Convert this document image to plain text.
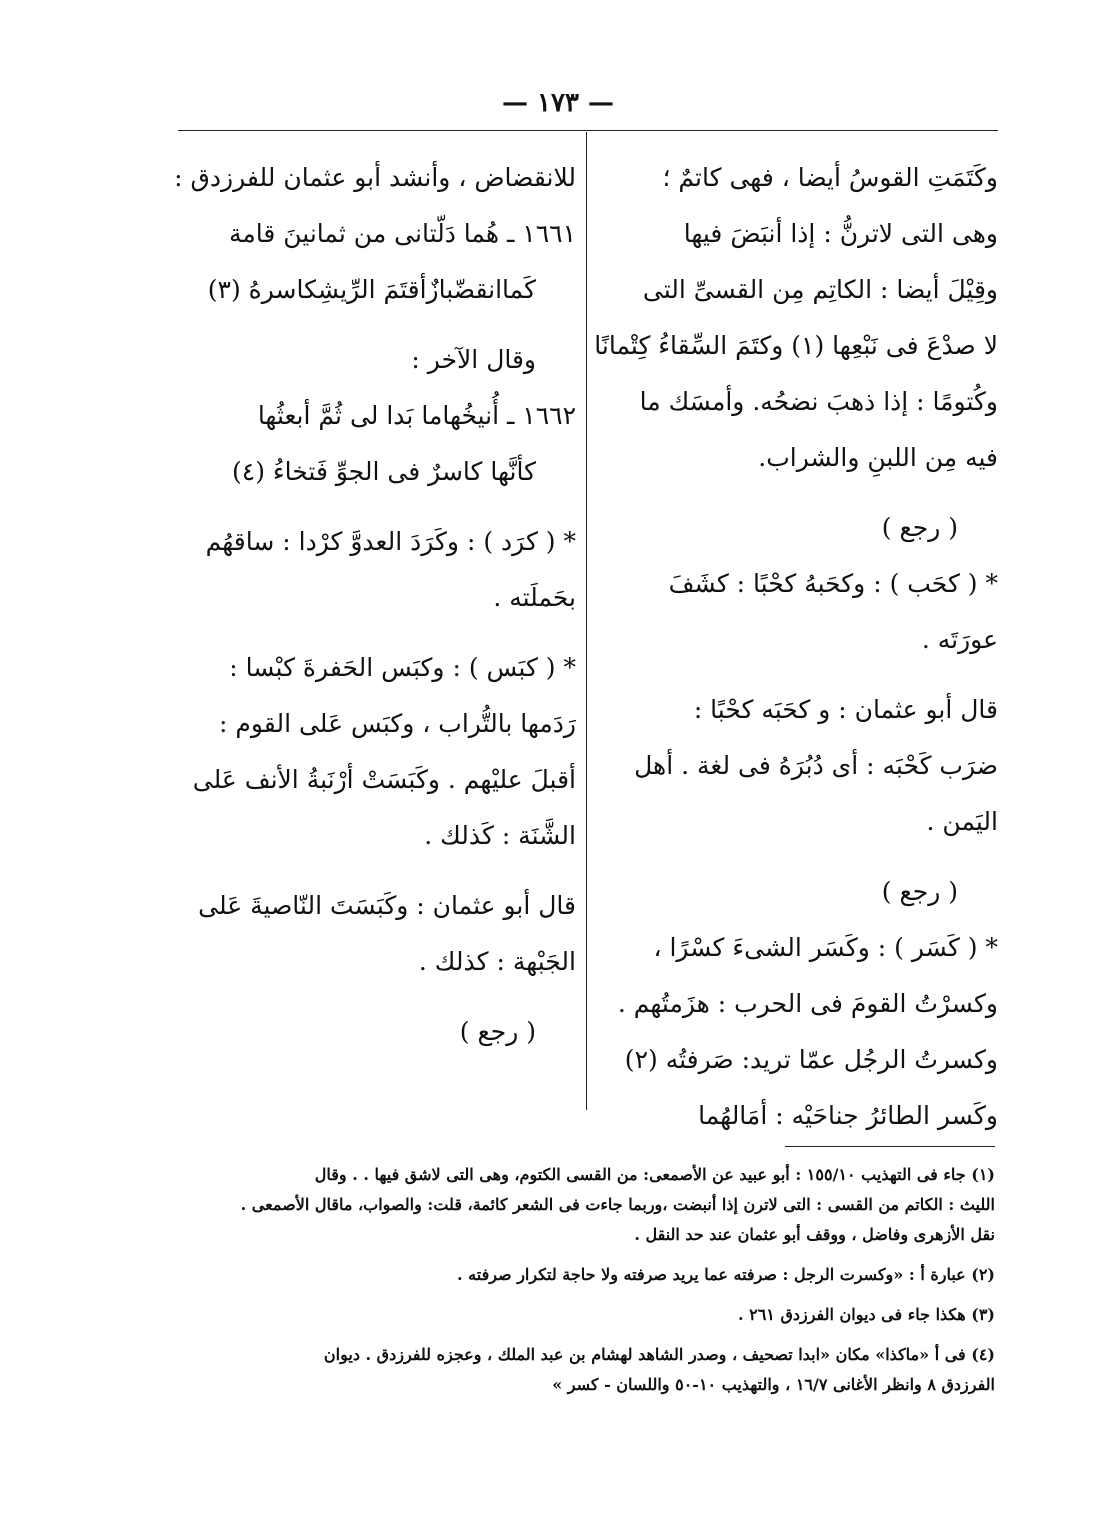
— ١٧٣ —
وكَتَمَتِ القوسُ أيضا ، فهى كاتمٌ ؛
وهى التى لاترنُّ : إذا أنبَضَ فيها
وقِيْلَ أيضا : الكاتِم مِن القسىِّ التى
لا صدْعَ فى نَبْعِها (١) وكتَمَ السِّقاءُ كِتْمانًا
وكُتومًا : إذا ذهبَ نضحُه. وأمسَك ما
فيه مِن اللبنِ والشراب.
( رجع )
* ( كحَب ) : وكحَبهُ كحْبًا : كشَفَ
عورَتَه .
قال أبو عثمان : و كحَبَه كحْبًا :
ضرَب كَحْبَه : أى دُبُرَهُ فى لغة . أهل
اليَمن .
( رجع )
* ( كَسَر ) : وكَسَر الشىءَ كسْرًا ،
وكسرْتُ القومَ فى الحرب : هزَمتُهم .
وكسرتُ الرجُل عمّا تريد: صَرفتُه (٢)
وكَسر الطائرُ جناحَيْه : أمَالهُما
للانقضاض ، وأنشد أبو عثمان للفرزدق :
١٦٦١ ـ هُما دَلّتانى من ثمانينَ قامة
كَماانقضّبازٌأقتَمَ الرِّيشِكاسرهُ (٣)
وقال الآخر :
١٦٦٢ ـ أُنيخُهاما بَدا لى ثُمَّ أبعثُها
كأنَّها كاسرٌ فى الجوِّ فَتخاءُ (٤)
* ( كرَد ) : وكَرَدَ العدوَّ كرْدا : ساقهُم
بحَملَته .
* ( كبَس ) : وكبَس الحَفرةَ كبْسا :
رَدَمها بالتُّراب ، وكبَس عَلى القوم :
أقبلَ عليْهم . وكَبَسَتْ أرْنَبةُ الأنف عَلى
الشَّنَة : كَذلك .
قال أبو عثمان : وكَبَسَتَ النّاصيةَ عَلى
الجَبْهة : كذلك .
( رجع )
(١) جاء فى التهذيب ١٥٥/١٠ : أبو عبيد عن الأصمعى: من القسى الكتوم، وهى التى لاشق فيها . . وقال
الليث : الكاتم من القسى : التى لاترن إذا أنبضت ،وربما جاءت فى الشعر كائمة، قلت: والصواب، ماقال الأصمعى .
نقل الأزهرى وفاضل ، ووقف أبو عثمان عند حد النقل .
(٢) عبارة أ : «وكسرت الرجل : صرفته عما يريد صرفته ولا حاجة لتكرار صرفته .
(٣) هكذا جاء فى ديوان الفرزدق ٢٦١ .
(٤) فى أ «ماكذا» مكان «ابدا تصحيف ، وصدر الشاهد لهشام بن عبد الملك ، وعجزه للفرزدق . ديوان
الفرزدق ٨ وانظر الأغانى ١٦/٧ ، والتهذيب ١٠-٥٠ واللسان - كسر »
